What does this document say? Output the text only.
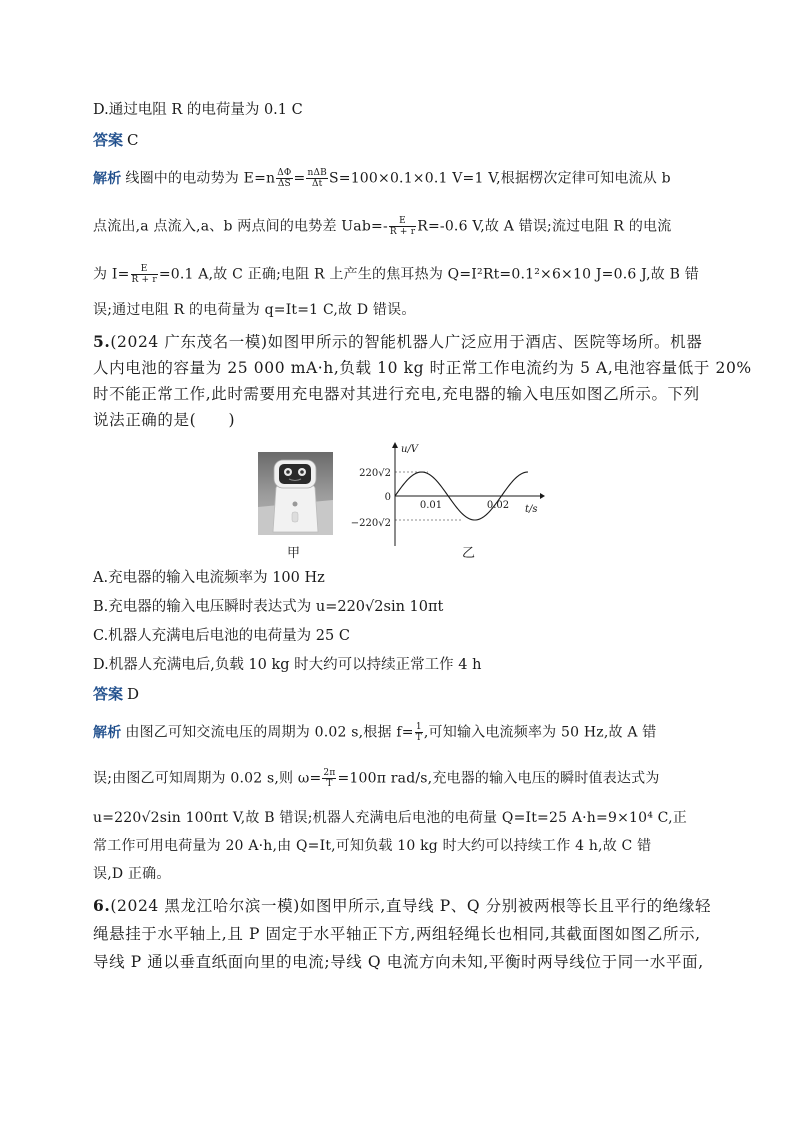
D.通过电阻 R 的电荷量为 0.1 C
答案 C
解析 线圈中的电动势为 $E=n \frac{\Delta\Phi}{\Delta S} = \frac{\text{nΔB}}{\Delta t} S=100\times 0.1\times 0.1$ V=1 V,根据楞次定律可知电流从 b
点流出,a 点流入,a、b 两点间的电势差 $Uab=- \frac{E}{R + r} R=-0.6$ V,故 A 错误;流过电阻 R 的电流
为 $I= \frac{E}{R + r} =0.1$ A,故 C 正确;电阻 R 上产生的焦耳热为 Q=I²Rt=0.1²×6×10 J=0.6 J,故 B 错
误;通过电阻 R 的电荷量为 q=It=1 C,故 D 错误。
5.(2024 广东茂名一模)如图甲所示的智能机器人广泛应用于酒店、医院等场所。机器
人内电池的容量为 25 000 mA·h,负载 10 kg 时正常工作电流约为 5 A,电池容量低于 20%
时不能正常工作,此时需要用充电器对其进行充电,充电器的输入电压如图乙所示。下列
说法正确的是(　　)
甲
u/V
t/s
220√2
0
−220√2
0.01	0.02
乙
A.充电器的输入电流频率为 100 Hz
B.充电器的输入电压瞬时表达式为 u=220√2sin 10πt
C.机器人充满电后电池的电荷量为 25 C
D.机器人充满电后,负载 10 kg 时大约可以持续正常工作 4 h
答案 D
解析 由图乙可知交流电压的周期为 0.02 s,根据 $f= \frac{1}{T}$ ,可知输入电流频率为 50 Hz,故 A 错
误;由图乙可知周期为 0.02 s,则 $\omega= \frac{2\pi}{T} =100\pi$ rad/s,充电器的输入电压的瞬时值表达式为
u=220√2sin 100πt V,故 B 错误;机器人充满电后电池的电荷量 Q=It=25 A·h=9×10⁴ C,正
常工作可用电荷量为 20 A·h,由 Q=It,可知负载 10 kg 时大约可以持续工作 4 h,故 C 错
误,D 正确。
6.(2024 黑龙江哈尔滨一模)如图甲所示,直导线 P、Q 分别被两根等长且平行的绝缘轻
绳悬挂于水平轴上,且 P 固定于水平轴正下方,两组轻绳长也相同,其截面图如图乙所示,
导线 P 通以垂直纸面向里的电流;导线 Q 电流方向未知,平衡时两导线位于同一水平面,
